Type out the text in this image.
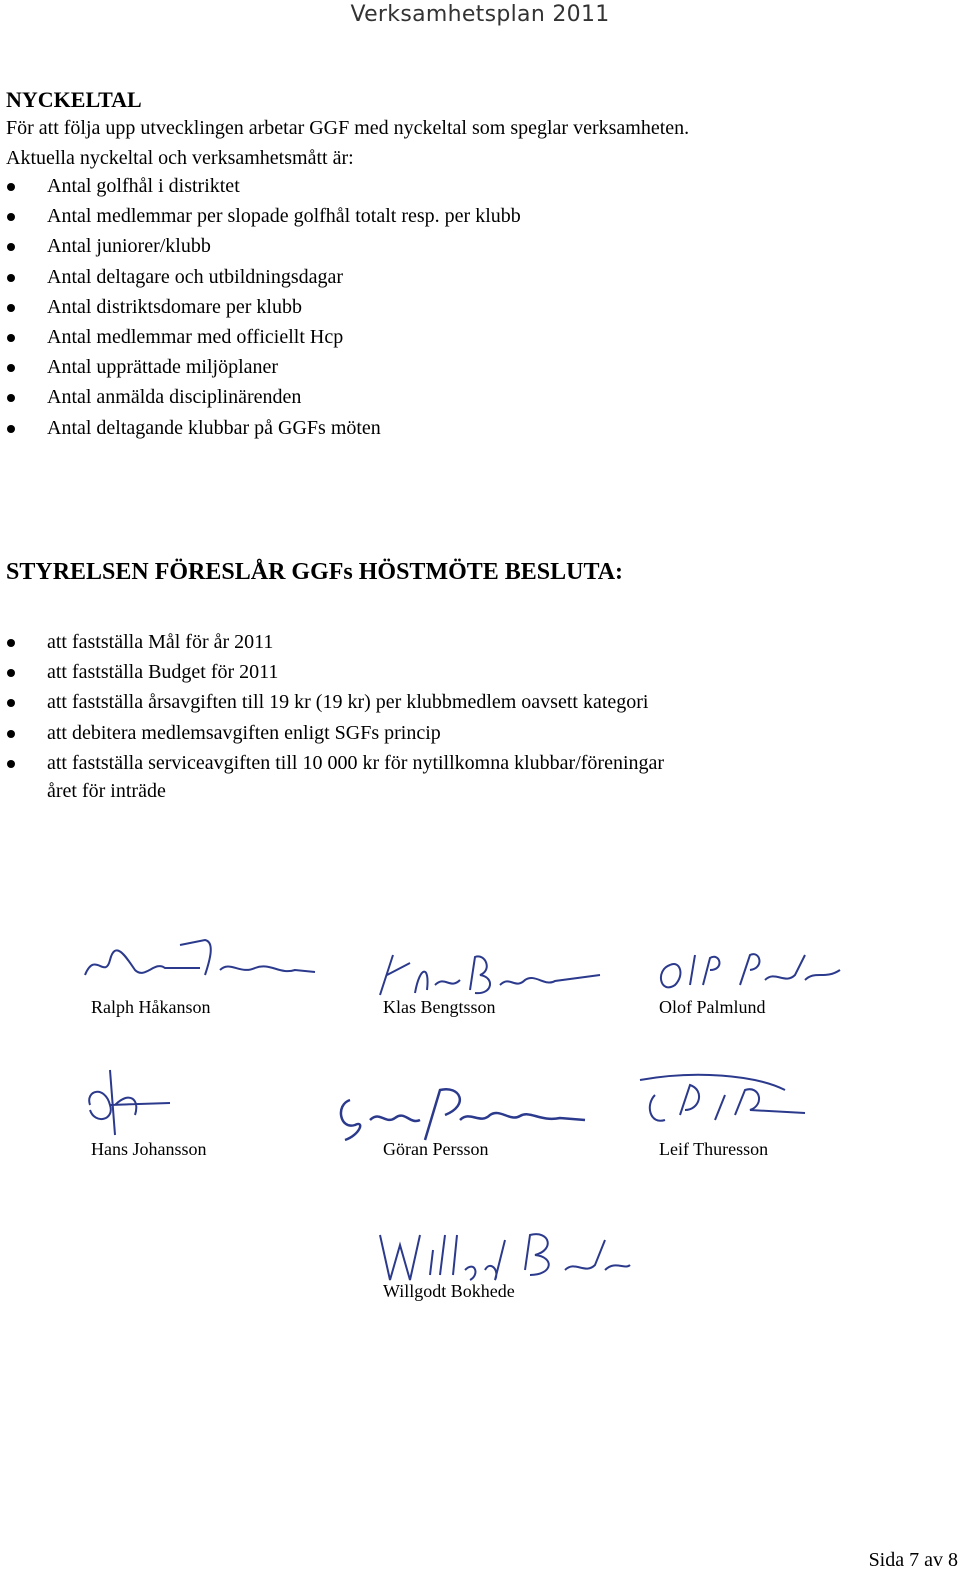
Verksamhetsplan 2011
NYCKELTAL
För att följa upp utvecklingen arbetar GGF med nyckeltal som speglar verksamheten.
Aktuella nyckeltal och verksamhetsmått är:
Antal golfhål i distriktet
Antal medlemmar per slopade golfhål totalt resp. per klubb
Antal juniorer/klubb
Antal deltagare och utbildningsdagar
Antal distriktsdomare per klubb
Antal medlemmar med officiellt Hcp
Antal upprättade miljöplaner
Antal anmälda disciplinärenden
Antal deltagande klubbar på GGFs möten
STYRELSEN FÖRESLÅR GGFs HÖSTMÖTE BESLUTA:
att fastställa Mål för år 2011
att fastställa Budget för 2011
att fastställa årsavgiften till 19 kr (19 kr) per klubbmedlem oavsett kategori
att debitera medlemsavgiften enligt SGFs princip
att fastställa serviceavgiften till 10 000 kr för nytillkomna klubbar/föreningar
året för inträde
Ralph Håkanson	Klas Bengtsson	Olof Palmlund
Hans Johansson	Göran Persson	Leif Thuresson
Willgodt Bokhede
Sida 7 av 8
